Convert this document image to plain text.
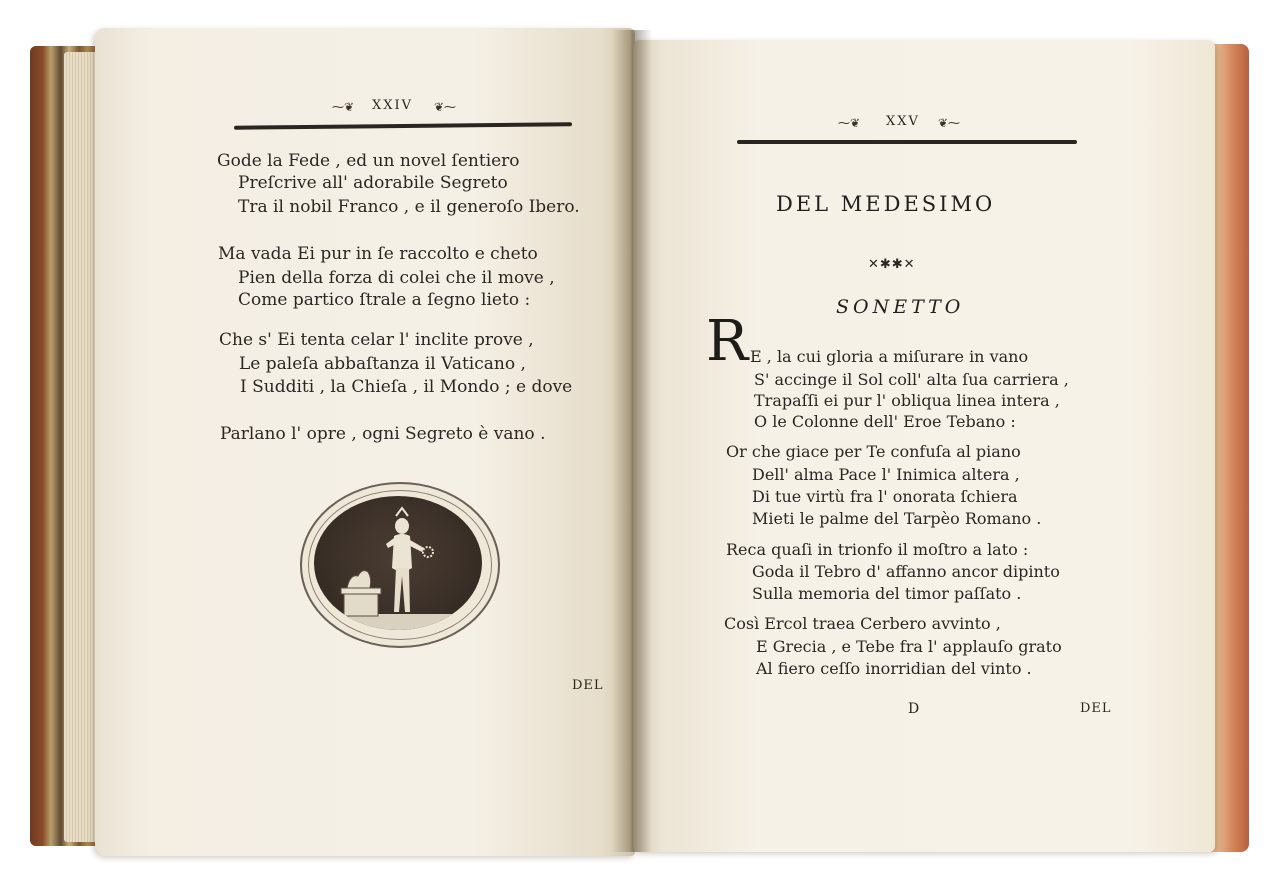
⁓❦ XXIV ❦⁓
Gode la Fede , ed un novel ſentiero
Preſcrive all' adorabile Segreto
Tra il nobil Franco , e il generoſo Ibero.
Ma vada Ei pur in ſe raccolto e cheto
Pien della forza di colei che il move ,
Come partico ſtrale a ſegno lieto :
Che s' Ei tenta celar l' inclite prove ,
Le paleſa abbaſtanza il Vaticano ,
I Sudditi , la Chieſa , il Mondo ; e dove
Parlano l' opre , ogni Segreto è vano .
DEL
⁓❦ XXV ❦⁓
DEL MEDESIMO
✕✱✱✕
SONETTO
R E , la cui gloria a miſurare in vano
S' accinge il Sol coll' alta ſua carriera ,
Trapaſſi ei pur l' obliqua linea intera ,
O le Colonne dell' Eroe Tebano :
Or che giace per Te confuſa al piano
Dell' alma Pace l' Inimica altera ,
Di tue virtù fra l' onorata ſchiera
Mieti le palme del Tarpèo Romano .
Reca quaſi in trionfo il moſtro a lato :
Goda il Tebro d' affanno ancor dipinto
Sulla memoria del timor paſſato .
Così Ercol traea Cerbero avvinto ,
E Grecia , e Tebe fra l' applauſo grato
Al fiero ceſſo inorridian del vinto .
D	DEL
